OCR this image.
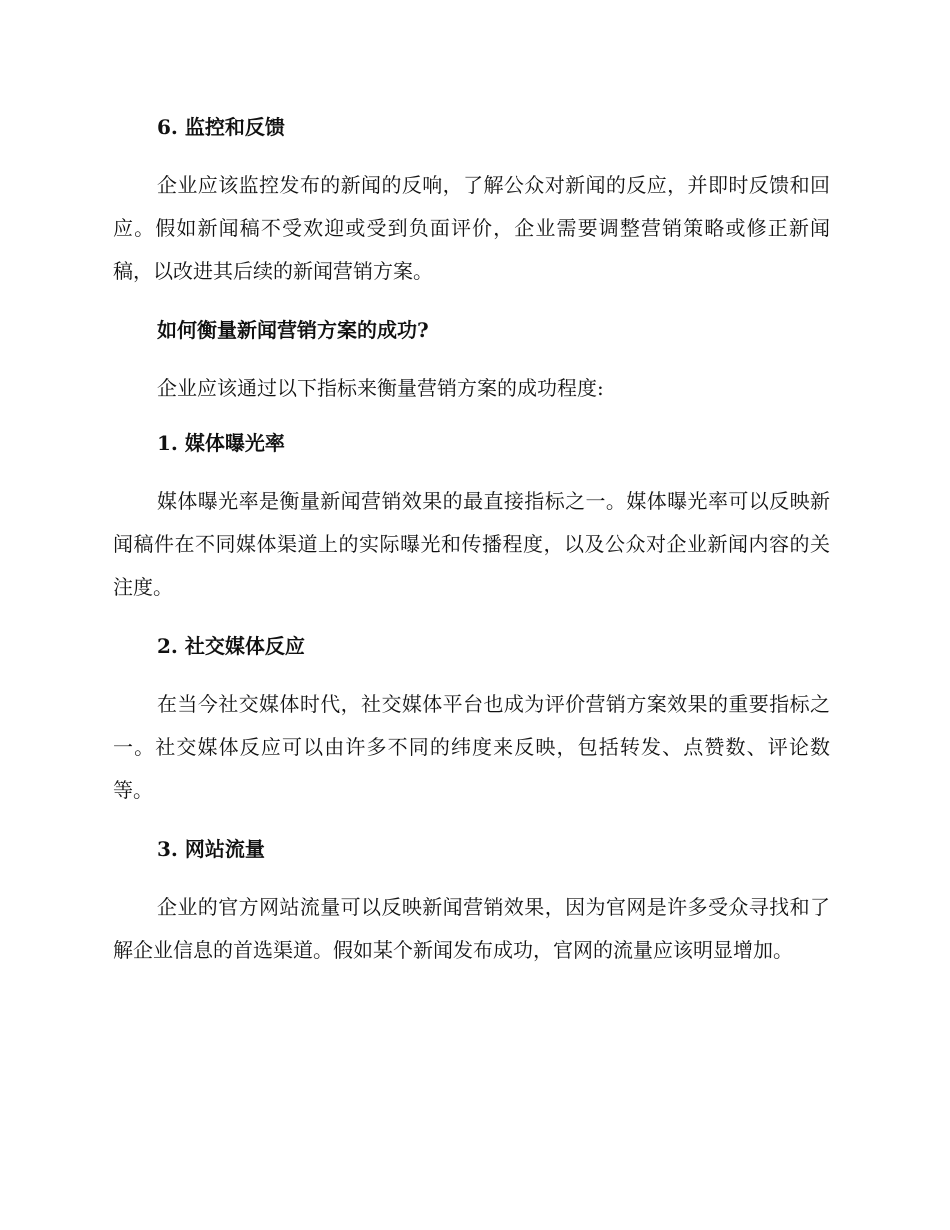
6. 监控和反馈
企业应该监控发布的新闻的反响，了解公众对新闻的反应，并即时反馈和回应。假如新闻稿不受欢迎或受到负面评价，企业需要调整营销策略或修正新闻稿，以改进其后续的新闻营销方案。
如何衡量新闻营销方案的成功?
企业应该通过以下指标来衡量营销方案的成功程度:
1. 媒体曝光率
媒体曝光率是衡量新闻营销效果的最直接指标之一。媒体曝光率可以反映新闻稿件在不同媒体渠道上的实际曝光和传播程度，以及公众对企业新闻内容的关注度。
2. 社交媒体反应
在当今社交媒体时代，社交媒体平台也成为评价营销方案效果的重要指标之一。社交媒体反应可以由许多不同的纬度来反映，包括转发、点赞数、评论数等。
3. 网站流量
企业的官方网站流量可以反映新闻营销效果，因为官网是许多受众寻找和了解企业信息的首选渠道。假如某个新闻发布成功，官网的流量应该明显增加。
